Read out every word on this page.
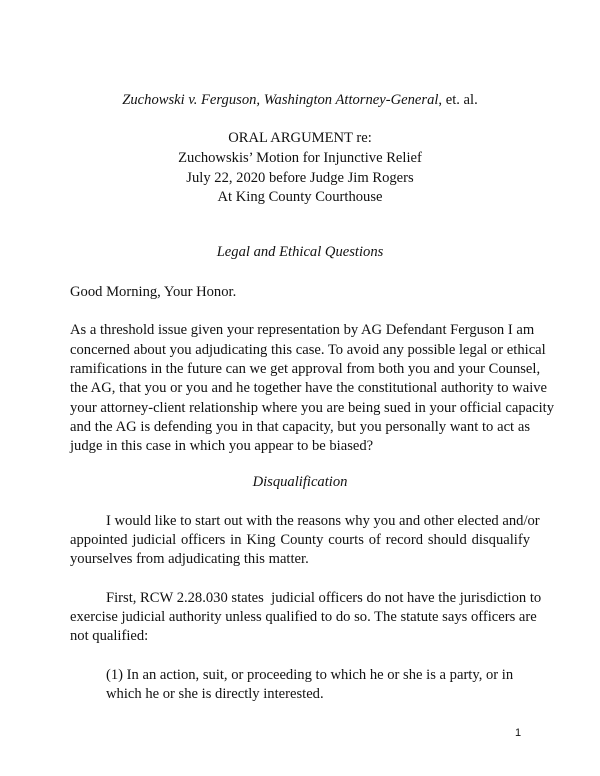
Zuchowski v. Ferguson, Washington Attorney-General, et. al.
ORAL ARGUMENT re:
Zuchowskis’ Motion for Injunctive Relief
July 22, 2020 before Judge Jim Rogers
At King County Courthouse
Legal and Ethical Questions
Good Morning, Your Honor.
As a threshold issue given your representation by AG Defendant Ferguson I am
concerned about you adjudicating this case. To avoid any possible legal or ethical
ramifications in the future can we get approval from both you and your Counsel,
the AG, that you or you and he together have the constitutional authority to waive
your attorney-client relationship where you are being sued in your official capacity
and the AG is defending you in that capacity, but you personally want to act as
judge in this case in which you appear to be biased?
Disqualification
I would like to start out with the reasons why you and other elected and/or
appointed judicial officers in King County courts of record should disqualify
yourselves from adjudicating this matter.
First, RCW 2.28.030 states  judicial officers do not have the jurisdiction to
exercise judicial authority unless qualified to do so. The statute says officers are
not qualified:
(1) In an action, suit, or proceeding to which he or she is a party, or in
which he or she is directly interested.
1
